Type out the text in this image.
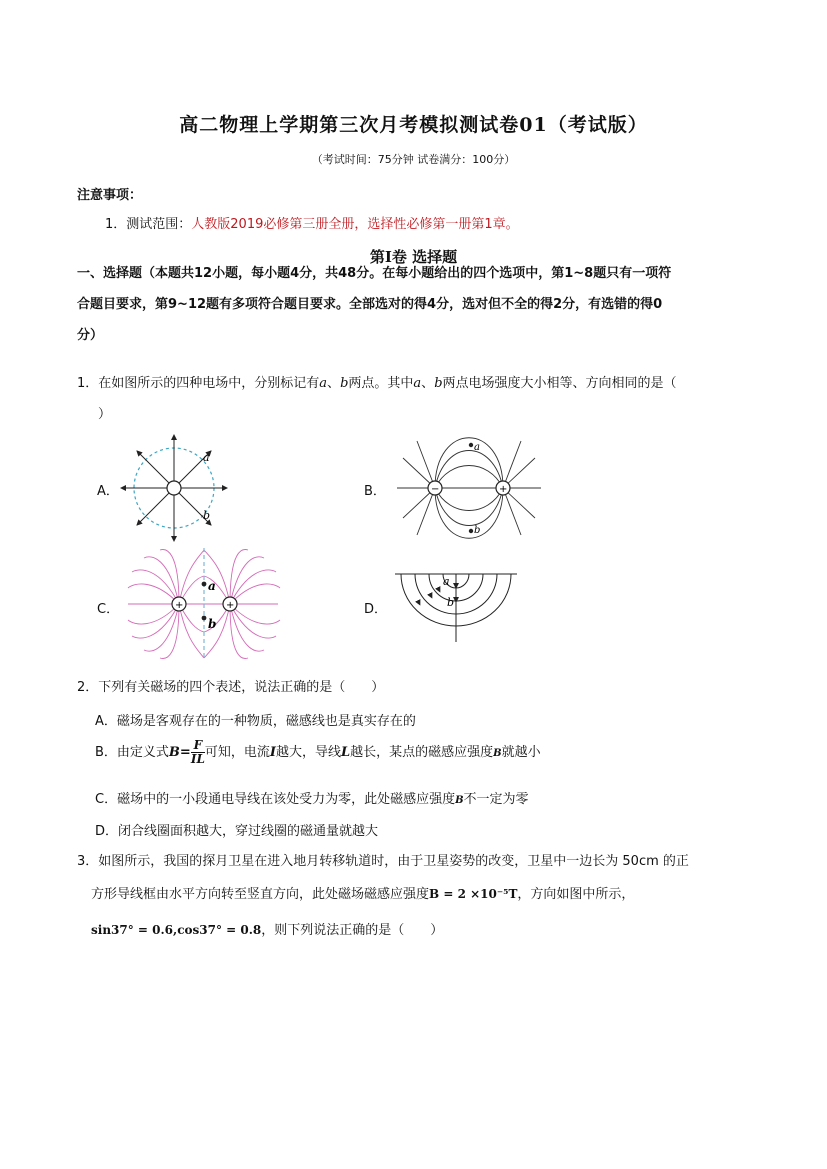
高二物理上学期第三次月考模拟测试卷01（考试版）
（考试时间：75分钟 试卷满分：100分）
注意事项：
1．测试范围：人教版2019必修第三册全册，选择性必修第一册第1章。
第Ⅰ卷 选择题
一、选择题（本题共12小题，每小题4分，共48分。在每小题给出的四个选项中，第1~8题只有一项符
合题目要求，第9~12题有多项符合题目要求。全部选对的得4分，选对但不全的得2分，有选错的得0
分）
1．在如图所示的四种电场中，分别标记有a、b两点。其中a、b两点电场强度大小相等、方向相同的是（
）
A．
a
b
B．	−	+
a
b
C．	+	+
a
b
D．
a
b
2．下列有关磁场的四个表述，说法正确的是（　　）
A．磁场是客观存在的一种物质，磁感线也是真实存在的
B．由定义式$B= \frac{F}{IL}$ 可知，电流I越大，导线L越长，某点的磁感应强度B就越小
C．磁场中的一小段通电导线在该处受力为零，此处磁感应强度B不一定为零
D．闭合线圈面积越大，穿过线圈的磁通量就越大
3．如图所示，我国的探月卫星在进入地月转移轨道时，由于卫星姿势的改变，卫星中一边长为 50cm 的正
方形导线框由水平方向转至竖直方向，此处磁场磁感应强度B = 2 ×10⁻⁵T，方向如图中所示，
sin37° = 0.6,cos37° = 0.8，则下列说法正确的是（　　）
